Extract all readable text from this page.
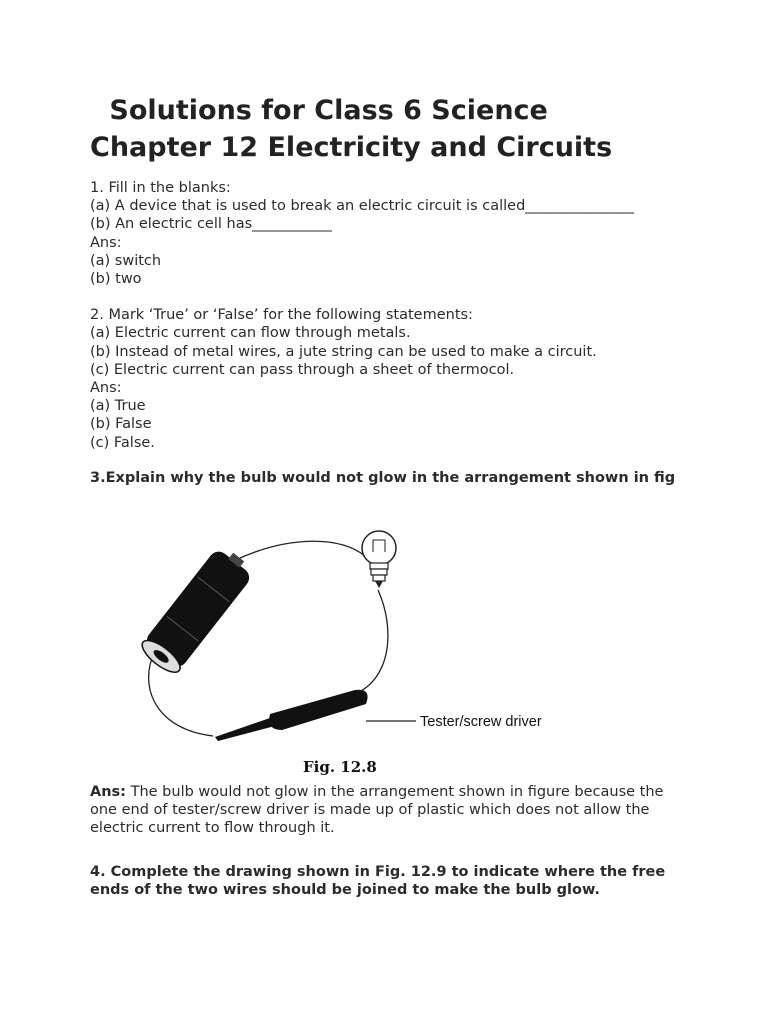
Solutions for Class 6 Science
Chapter 12 Electricity and Circuits

1. Fill in the blanks:

(a) A device that is used to break an electric circuit is called_______________

(b) An electric cell has___________

Ans:

(a) switch

(b) two

2. Mark ‘True’ or ‘False’ for the following statements:

(a) Electric current can flow through metals.

(b) Instead of metal wires, a jute string can be used to make a circuit.

(c) Electric current can pass through a sheet of thermocol.

Ans:

(a) True

(b) False

(c) False.

3.Explain why the bulb would not glow in the arrangement shown in fig
Tester/screw driver
Fig. 12.8
Ans: The bulb would not glow in the arrangement shown in figure because the one end of tester/screw driver is made up of plastic which does not allow the electric current to flow through it.
4. Complete the drawing shown in Fig. 12.9 to indicate where the free ends of the two wires should be joined to make the bulb glow.
